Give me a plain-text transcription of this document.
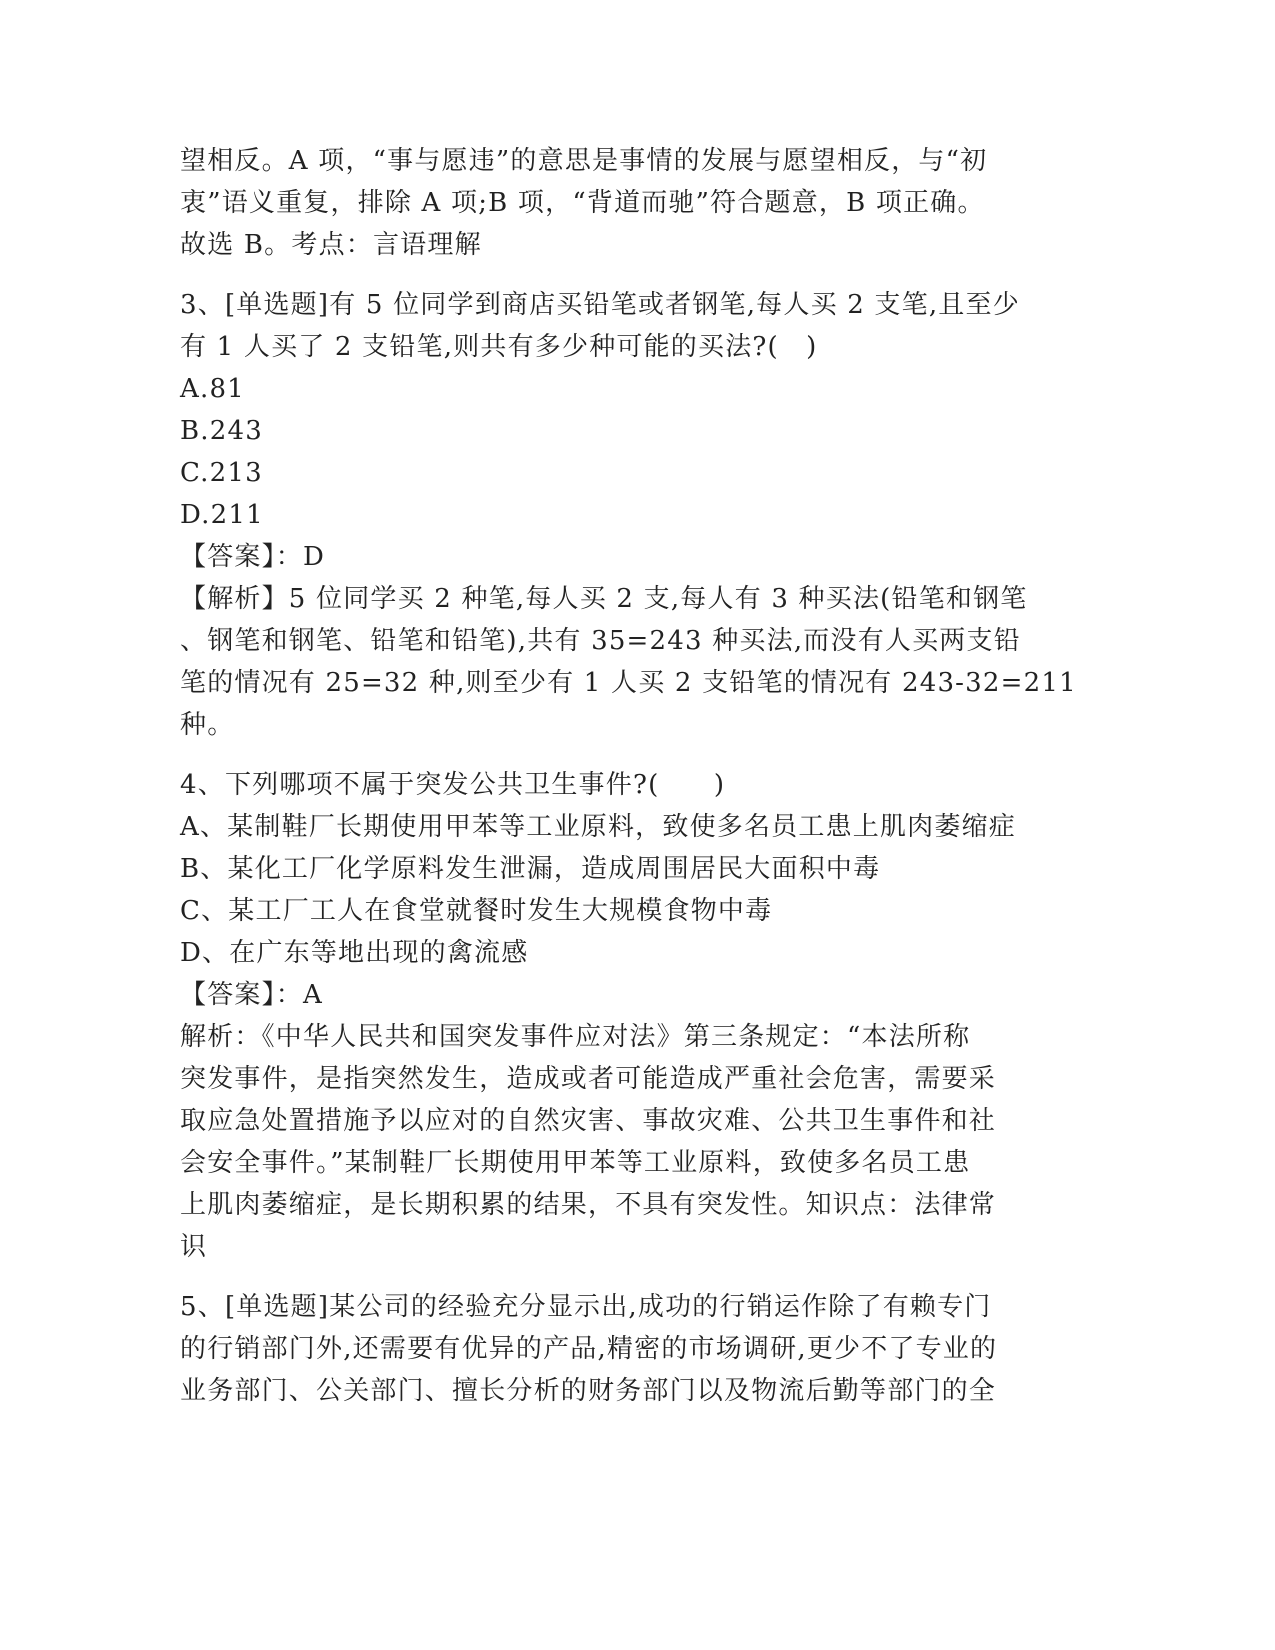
望相反。A 项，“事与愿违”的意思是事情的发展与愿望相反，与“初
衷”语义重复，排除 A 项;B 项，“背道而驰”符合题意，B 项正确。
故选 B。考点：言语理解
3、[单选题]有 5 位同学到商店买铅笔或者钢笔,每人买 2 支笔,且至少
有 1 人买了 2 支铅笔,则共有多少种可能的买法?(　)
A.81
B.243
C.213
D.211
【答案】：D
【解析】5 位同学买 2 种笔,每人买 2 支,每人有 3 种买法(铅笔和钢笔
、钢笔和钢笔、铅笔和铅笔),共有 35=243 种买法,而没有人买两支铅
笔的情况有 25=32 种,则至少有 1 人买 2 支铅笔的情况有 243-32=211
种。
4、下列哪项不属于突发公共卫生事件?(　　)
A、某制鞋厂长期使用甲苯等工业原料，致使多名员工患上肌肉萎缩症
B、某化工厂化学原料发生泄漏，造成周围居民大面积中毒
C、某工厂工人在食堂就餐时发生大规模食物中毒
D、在广东等地出现的禽流感
【答案】：A
解析：《中华人民共和国突发事件应对法》第三条规定：“本法所称
突发事件，是指突然发生，造成或者可能造成严重社会危害，需要采
取应急处置措施予以应对的自然灾害、事故灾难、公共卫生事件和社
会安全事件。”某制鞋厂长期使用甲苯等工业原料，致使多名员工患
上肌肉萎缩症，是长期积累的结果，不具有突发性。知识点：法律常
识
5、[单选题]某公司的经验充分显示出,成功的行销运作除了有赖专门
的行销部门外,还需要有优异的产品,精密的市场调研,更少不了专业的
业务部门、公关部门、擅长分析的财务部门以及物流后勤等部门的全
